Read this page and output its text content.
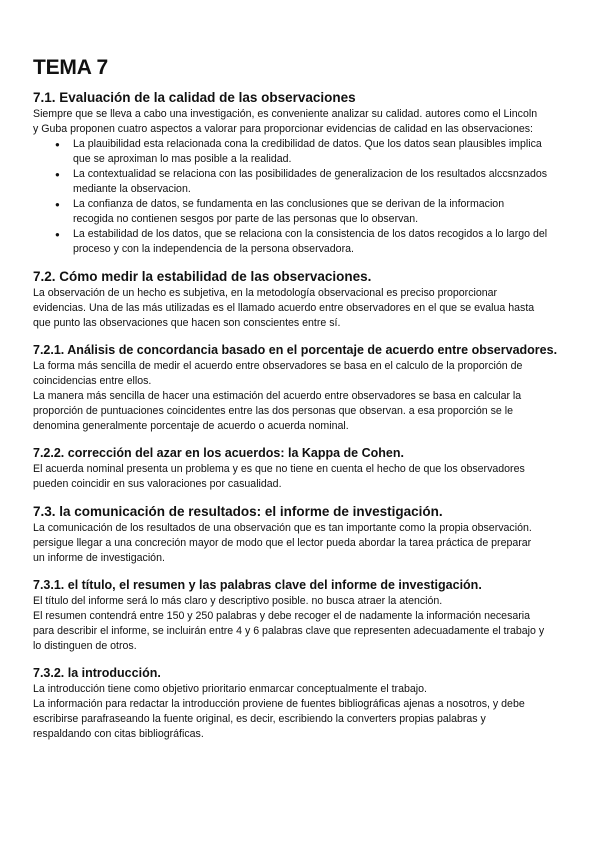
TEMA 7
7.1. Evaluación de la calidad de las observaciones

Siempre que se lleva a cabo una investigación, es conveniente analizar su calidad. autores como el Lincoln

y Guba proponen cuatro aspectos a valorar para proporcionar evidencias de calidad en las observaciones:

● La plauibilidad esta relacionada cona la credibilidad de datos. Que los datos sean plausibles implica
que se aproximan lo mas posible a la realidad.
● La contextualidad se relaciona con las posibilidades de generalizacion de los resultados alccsnzados
mediante la observacion.
● La confianza de datos, se fundamenta en las conclusiones que se derivan de la informacion
recogida no contienen sesgos por parte de las personas que lo observan.
● La estabilidad de los datos, que se relaciona con la consistencia de los datos recogidos a lo largo del
proceso y con la independencia de la persona observadora.
7.2. Cómo medir la estabilidad de las observaciones.

La observación de un hecho es subjetiva, en la metodología observacional es preciso proporcionar

evidencias. Una de las más utilizadas es el llamado acuerdo entre observadores en el que se evalua hasta

que punto las observaciones que hacen son conscientes entre sí.

7.2.1. Análisis de concordancia basado en el porcentaje de acuerdo entre observadores.

La forma más sencilla de medir el acuerdo entre observadores se basa en el calculo de la proporción de

coincidencias entre ellos.

La manera más sencilla de hacer una estimación del acuerdo entre observadores se basa en calcular la

proporción de puntuaciones coincidentes entre las dos personas que observan. a esa proporción se le

denomina generalmente porcentaje de acuerdo o acuerda nominal.

7.2.2. corrección del azar en los acuerdos: la Kappa de Cohen.

El acuerda nominal presenta un problema y es que no tiene en cuenta el hecho de que los observadores

pueden coincidir en sus valoraciones por casualidad.

7.3. la comunicación de resultados: el informe de investigación.

La comunicación de los resultados de una observación que es tan importante como la propia observación.

persigue llegar a una concreción mayor de modo que el lector pueda abordar la tarea práctica de preparar

un informe de investigación.

7.3.1. el título, el resumen y las palabras clave del informe de investigación.

El título del informe será lo más claro y descriptivo posible. no busca atraer la atención.

El resumen contendrá entre 150 y 250 palabras y debe recoger el de nadamente la información necesaria

para describir el informe, se incluirán entre 4 y 6 palabras clave que representen adecuadamente el trabajo y

lo distinguen de otros.

7.3.2. la introducción.

La introducción tiene como objetivo prioritario enmarcar conceptualmente el trabajo.

La información para redactar la introducción proviene de fuentes bibliográficas ajenas a nosotros, y debe

escribirse parafraseando la fuente original, es decir, escribiendo la converters propias palabras y

respaldando con citas bibliográficas.
